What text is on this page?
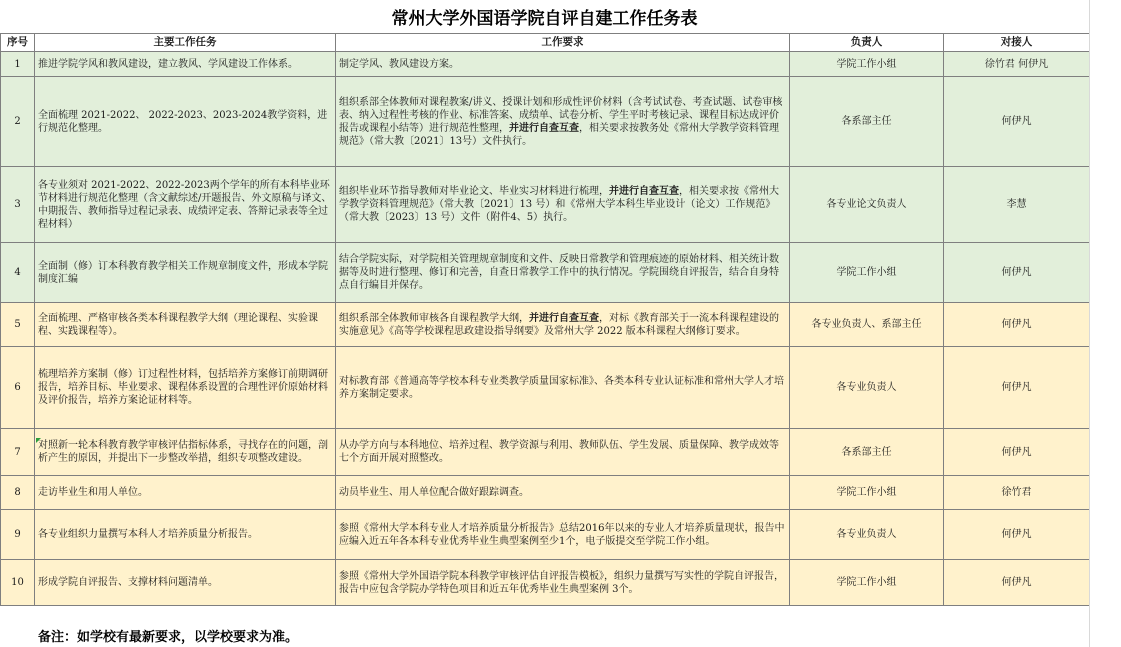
常州大学外国语学院自评自建工作任务表
序号	主要工作任务	工作要求	负责人	对接人
1	推进学院学风和教风建设，建立教风、学风建设工作体系。	制定学风、教风建设方案。	学院工作小组	徐竹君 何伊凡
2	全面梳理 2021-2022、 2022-2023、2023-2024教学资料，进行规范化整理。	组织系部全体教师对课程教案/讲义、授课计划和形成性评价材料（含考试试卷、考查试题、试卷审核表、纳入过程性考核的作业、标准答案、成绩单、试卷分析、学生平时考核记录、课程目标达成评价报告或课程小结等）进行规范性整理，并进行自查互查，相关要求按教务处《常州大学教学资料管理规范》（常大教〔2021〕13号）文件执行。	各系部主任	何伊凡
3	各专业须对 2021-2022、2022-2023两个学年的所有本科毕业环节材料进行规范化整理（含文献综述/开题报告、外文原稿与译文、中期报告、教师指导过程记录表、成绩评定表、答辩记录表等全过程材料）	组织毕业环节指导教师对毕业论文、毕业实习材料进行梳理，并进行自查互查，相关要求按《常州大学教学资料管理规范》（常大教〔2021〕13 号）和《常州大学本科生毕业设计（论文）工作规范》（常大教〔2023〕13 号）文件（附件4、5）执行。	各专业论文负责人	李慧
4	全面制（修）订本科教育教学相关工作规章制度文件，形成本学院制度汇编	结合学院实际，对学院相关管理规章制度和文件、反映日常教学和管理痕迹的原始材料、相关统计数据等及时进行整理、修订和完善，自查日常教学工作中的执行情况。学院围绕自评报告，结合自身特点自行编目并保存。	学院工作小组	何伊凡
5	全面梳理、严格审核各类本科课程教学大纲（理论课程、实验课程、实践课程等）。	组织系部全体教师审核各自课程教学大纲，并进行自查互查，对标《教育部关于一流本科课程建设的实施意见》《高等学校课程思政建设指导纲要》及常州大学 2022 版本科课程大纲修订要求。	各专业负责人、系部主任	何伊凡
6	梳理培养方案制（修）订过程性材料，包括培养方案修订前期调研报告，培养目标、毕业要求、课程体系设置的合理性评价原始材料及评价报告，培养方案论证材料等。	对标教育部《普通高等学校本科专业类教学质量国家标准》、各类本科专业认证标准和常州大学人才培养方案制定要求。	各专业负责人	何伊凡
7	对照新一轮本科教育教学审核评估指标体系，寻找存在的问题，剖析产生的原因，并提出下一步整改举措，组织专项整改建设。	从办学方向与本科地位、培养过程、教学资源与利用、教师队伍、学生发展、质量保障、教学成效等七个方面开展对照整改。	各系部主任	何伊凡
8	走访毕业生和用人单位。	动员毕业生、用人单位配合做好跟踪调查。	学院工作小组	徐竹君
9	各专业组织力量撰写本科人才培养质量分析报告。	参照《常州大学本科专业人才培养质量分析报告》总结2016年以来的专业人才培养质量现状，报告中应编入近五年各本科专业优秀毕业生典型案例至少1个，电子版提交至学院工作小组。	各专业负责人	何伊凡
10	形成学院自评报告、支撑材料问题清单。	参照《常州大学外国语学院本科教学审核评估自评报告模板》，组织力量撰写写实性的学院自评报告，报告中应包含学院办学特色项目和近五年优秀毕业生典型案例 3个。	学院工作小组	何伊凡
备注：如学校有最新要求，以学校要求为准。
